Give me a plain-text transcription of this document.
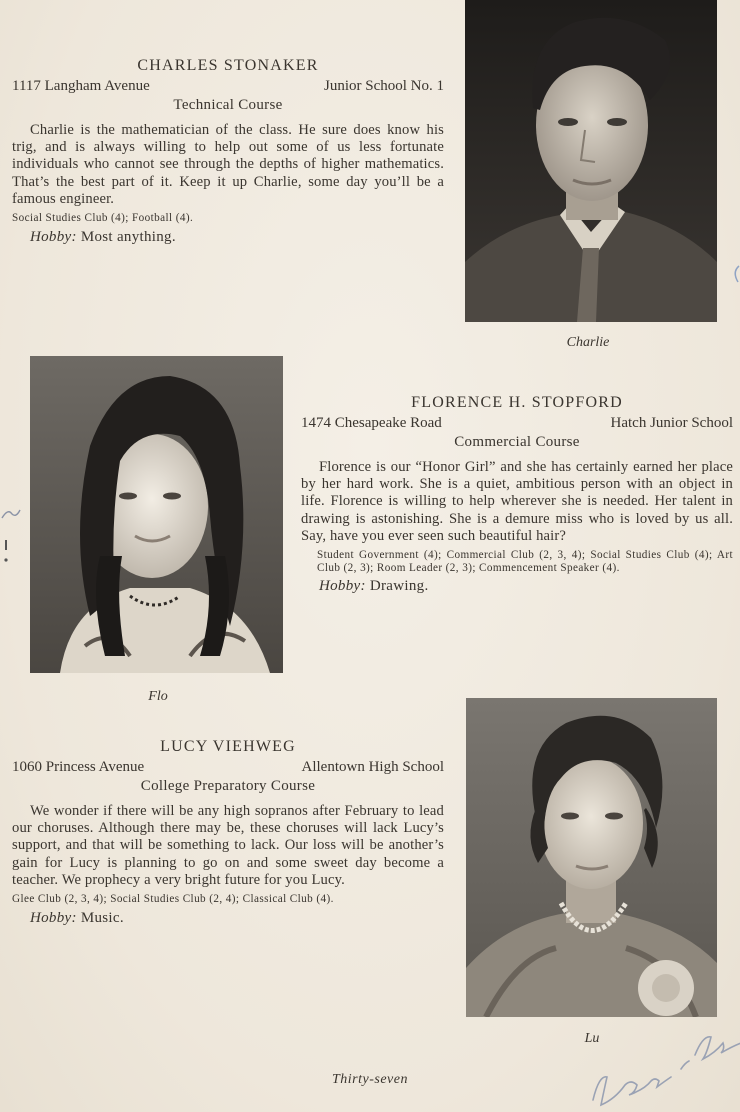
CHARLES STONAKER

1117 Langham Avenue	Junior School No. 1
Technical Course

Charlie is the mathematician of the class. He sure does know his trig, and is always willing to help out some of us less fortunate individuals who cannot see through the depths of higher mathematics. That’s the best part of it. Keep it up Charlie, some day you’ll be a famous engineer.

Social Studies Club (4); Football (4).
Hobby: Most anything.
Charlie
Flo

FLORENCE H. STOPFORD

1474 Chesapeake Road	Hatch Junior School
Commercial Course

Florence is our “Honor Girl” and she has certainly earned her place by her hard work. She is a quiet, ambitious person with an object in life. Florence is willing to help wherever she is needed. Her talent in drawing is astonishing. She is a demure miss who is loved by us all. Say, have you ever seen such beautiful hair?

Student Government (4); Commercial Club (2, 3, 4); Social Studies Club (4); Art Club (2, 3); Room Leader (2, 3); Commencement Speaker (4).
Hobby: Drawing.

LUCY VIEHWEG

1060 Princess Avenue	Allentown High School
College Preparatory Course

We wonder if there will be any high sopranos after February to lead our choruses. Although there may be, these choruses will lack Lucy’s support, and that will be something to lack. Our loss will be another’s gain for Lucy is planning to go on and some sweet day become a teacher. We prophecy a very bright future for you Lucy.

Glee Club (2, 3, 4); Social Studies Club (2, 4); Classical Club (4).
Hobby: Music.
Lu
Thirty-seven
